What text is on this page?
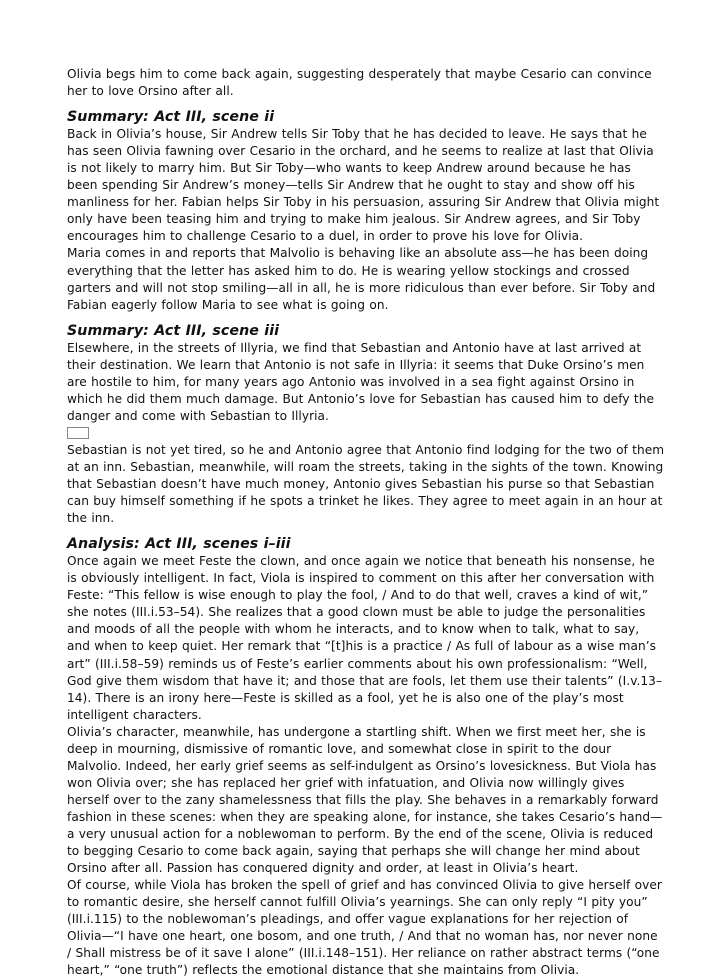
Olivia begs him to come back again, suggesting desperately that maybe Cesario can convince her to love Orsino after all.

Summary: Act III, scene ii

Back in Olivia’s house, Sir Andrew tells Sir Toby that he has decided to leave. He says that he has seen Olivia fawning over Cesario in the orchard, and he seems to realize at last that Olivia is not likely to marry him. But Sir Toby—who wants to keep Andrew around because he has been spending Sir Andrew’s money—tells Sir Andrew that he ought to stay and show off his manliness for her. Fabian helps Sir Toby in his persuasion, assuring Sir Andrew that Olivia might only have been teasing him and trying to make him jealous. Sir Andrew agrees, and Sir Toby encourages him to challenge Cesario to a duel, in order to prove his love for Olivia.

Maria comes in and reports that Malvolio is behaving like an absolute ass—he has been doing everything that the letter has asked him to do. He is wearing yellow stockings and crossed garters and will not stop smiling—all in all, he is more ridiculous than ever before. Sir Toby and Fabian eagerly follow Maria to see what is going on.

Summary: Act III, scene iii

Elsewhere, in the streets of Illyria, we find that Sebastian and Antonio have at last arrived at their destination. We learn that Antonio is not safe in Illyria: it seems that Duke Orsino’s men are hostile to him, for many years ago Antonio was involved in a sea fight against Orsino in which he did them much damage. But Antonio’s love for Sebastian has caused him to defy the danger and come with Sebastian to Illyria.

Sebastian is not yet tired, so he and Antonio agree that Antonio find lodging for the two of them at an inn. Sebastian, meanwhile, will roam the streets, taking in the sights of the town. Knowing that Sebastian doesn’t have much money, Antonio gives Sebastian his purse so that Sebastian can buy himself something if he spots a trinket he likes. They agree to meet again in an hour at the inn.

Analysis: Act III, scenes i–iii

Once again we meet Feste the clown, and once again we notice that beneath his nonsense, he is obviously intelligent. In fact, Viola is inspired to comment on this after her conversation with Feste: “This fellow is wise enough to play the fool, / And to do that well, craves a kind of wit,” she notes (III.i.53–54). She realizes that a good clown must be able to judge the personalities and moods of all the people with whom he interacts, and to know when to talk, what to say, and when to keep quiet. Her remark that “[t]his is a practice / As full of labour as a wise man’s art” (III.i.58–59) reminds us of Feste’s earlier comments about his own professionalism: “Well, God give them wisdom that have it; and those that are fools, let them use their talents” (I.v.13–14). There is an irony here—Feste is skilled as a fool, yet he is also one of the play’s most intelligent characters.

Olivia’s character, meanwhile, has undergone a startling shift. When we first meet her, she is deep in mourning, dismissive of romantic love, and somewhat close in spirit to the dour Malvolio. Indeed, her early grief seems as self-indulgent as Orsino’s lovesickness. But Viola has won Olivia over; she has replaced her grief with infatuation, and Olivia now willingly gives herself over to the zany shamelessness that fills the play. She behaves in a remarkably forward fashion in these scenes: when they are speaking alone, for instance, she takes Cesario’s hand—a very unusual action for a noblewoman to perform. By the end of the scene, Olivia is reduced to begging Cesario to come back again, saying that perhaps she will change her mind about Orsino after all. Passion has conquered dignity and order, at least in Olivia’s heart.

Of course, while Viola has broken the spell of grief and has convinced Olivia to give herself over to romantic desire, she herself cannot fulfill Olivia’s yearnings. She can only reply “I pity you” (III.i.115) to the noblewoman’s pleadings, and offer vague explanations for her rejection of Olivia—“I have one heart, one bosom, and one truth, / And that no woman has, nor never none / Shall mistress be of it save I alone” (III.i.148–151). Her reliance on rather abstract terms (“one heart,” “one truth”) reflects the emotional distance that she maintains from Olivia.
